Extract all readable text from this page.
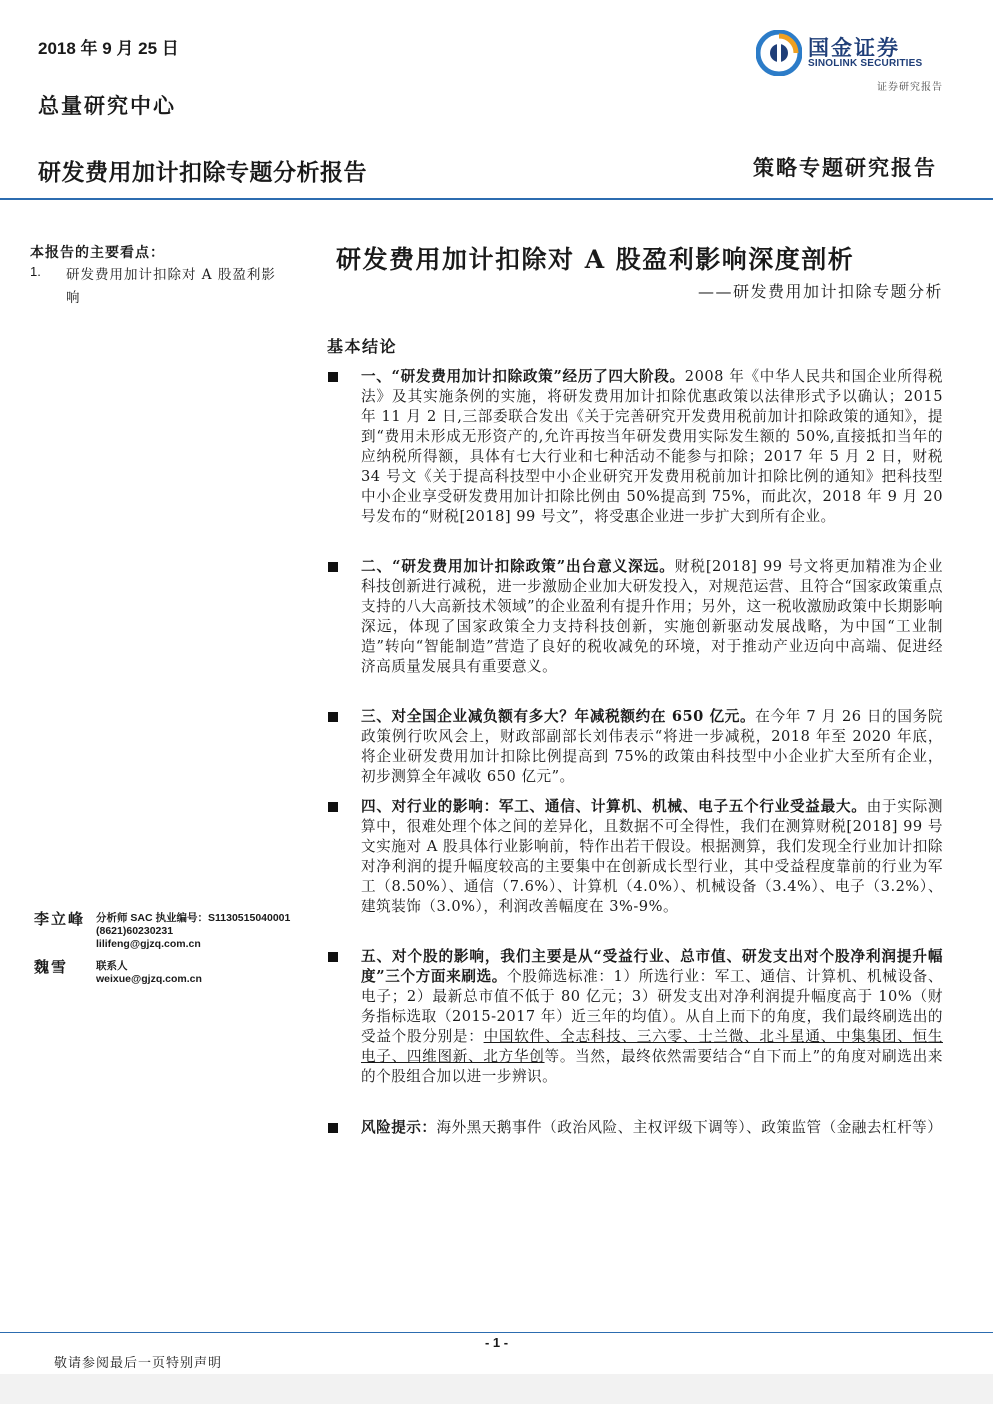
2018 年 9 月 25 日
总量研究中心
研发费用加计扣除专题分析报告	策略专题研究报告
国金证券
SINOLINK SECURITIES
证券研究报告
本报告的主要看点：
1. 研发费用加计扣除对 A 股盈利影响
李立峰 分析师 SAC 执业编号：S1130515040001
(8621)60230231
lilifeng@gjzq.com.cn
魏雪	联系人
weixue@gjzq.com.cn
研发费用加计扣除对 A 股盈利影响深度剖析
——研发费用加计扣除专题分析
基本结论
一、“研发费用加计扣除政策”经历了四大阶段。2008 年《中华人民共和国企业所得税法》及其实施条例的实施，将研发费用加计扣除优惠政策以法律形式予以确认；2015 年 11 月 2 日,三部委联合发出《关于完善研究开发费用税前加计扣除政策的通知》，提到“费用未形成无形资产的,允许再按当年研发费用实际发生额的 50%,直接抵扣当年的应纳税所得额，具体有七大行业和七种活动不能参与扣除；2017 年 5 月 2 日，财税 34 号文《关于提高科技型中小企业研究开发费用税前加计扣除比例的通知》把科技型中小企业享受研发费用加计扣除比例由 50%提高到 75%，而此次，2018 年 9 月 20 号发布的“财税[2018] 99 号文”，将受惠企业进一步扩大到所有企业。
二、“研发费用加计扣除政策”出台意义深远。财税[2018] 99 号文将更加精准为企业科技创新进行减税，进一步激励企业加大研发投入，对规范运营、且符合“国家政策重点支持的八大高新技术领域”的企业盈利有提升作用；另外，这一税收激励政策中长期影响深远，体现了国家政策全力支持科技创新，实施创新驱动发展战略，为中国“工业制造”转向“智能制造”营造了良好的税收减免的环境，对于推动产业迈向中高端、促进经济高质量发展具有重要意义。
三、对全国企业减负额有多大？年减税额约在 650 亿元。在今年 7 月 26 日的国务院政策例行吹风会上，财政部副部长刘伟表示“将进一步减税，2018 年至 2020 年底，将企业研发费用加计扣除比例提高到 75%的政策由科技型中小企业扩大至所有企业，初步测算全年减收 650 亿元”。
四、对行业的影响：军工、通信、计算机、机械、电子五个行业受益最大。由于实际测算中，很难处理个体之间的差异化，且数据不可全得性，我们在测算财税[2018] 99 号文实施对 A 股具体行业影响前，特作出若干假设。根据测算，我们发现全行业加计扣除对净利润的提升幅度较高的主要集中在创新成长型行业，其中受益程度靠前的行业为军工（8.50%）、通信（7.6%）、计算机（4.0%）、机械设备（3.4%）、电子（3.2%）、建筑装饰（3.0%），利润改善幅度在 3%-9%。
五、对个股的影响，我们主要是从“受益行业、总市值、研发支出对个股净利润提升幅度”三个方面来刷选。个股筛选标准：1）所选行业：军工、通信、计算机、机械设备、电子；2）最新总市值不低于 80 亿元；3）研发支出对净利润提升幅度高于 10%（财务指标选取（2015-2017 年）近三年的均值）。从自上而下的角度，我们最终刷选出的受益个股分别是：中国软件、全志科技、三六零、士兰微、北斗星通、中集集团、恒生电子、四维图新、北方华创等。当然，最终依然需要结合“自下而上”的角度对刷选出来的个股组合加以进一步辨识。
风险提示：海外黑天鹅事件（政治风险、主权评级下调等）、政策监管（金融去杠杆等）
- 1 -
敬请参阅最后一页特别声明
